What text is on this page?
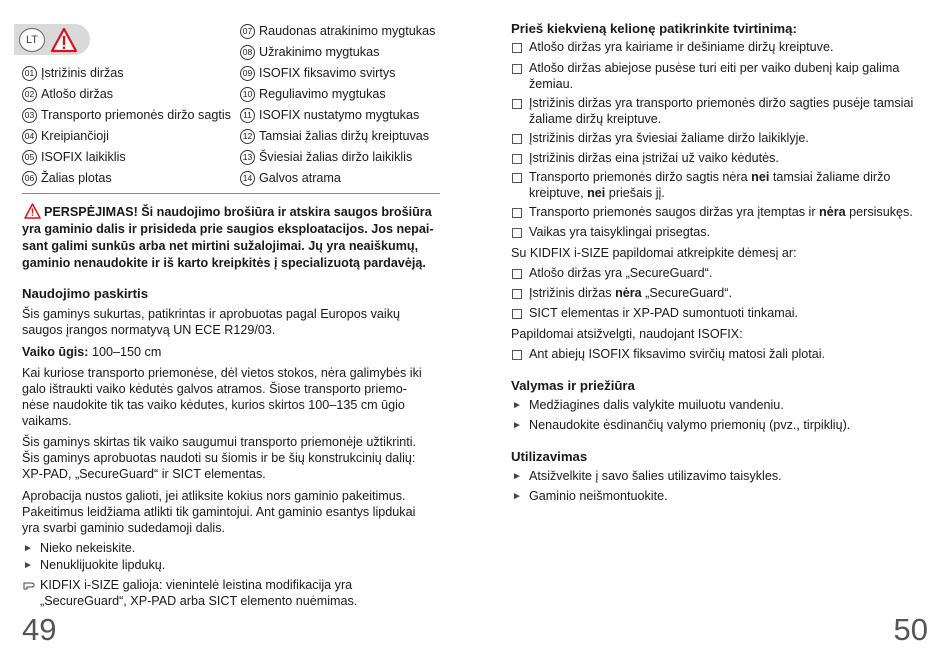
LT
01 Įstrižinis diržas
02 Atlošo diržas
03 Transporto priemonės diržo sagtis
04 Kreipiančioji
05 ISOFIX laikiklis
06 Žalias plotas
07 Raudonas atrakinimo mygtukas
08 Užrakinimo mygtukas
09 ISOFIX fiksavimo svirtys
10 Reguliavimo mygtukas
11 ISOFIX nustatymo mygtukas
12 Tamsiai žalias diržų kreiptuvas
13 Šviesiai žalias diržo laikiklis
14 Galvos atrama
PERSPĖJIMAS! Ši naudojimo brošiūra ir atskira saugos brošiūra
yra gaminio dalis ir prisideda prie saugios eksploatacijos. Jos nepai-
sant galimi sunkūs arba net mirtini sužalojimai. Jų yra neaiškumų,
gaminio nenaudokite ir iš karto kreipkitės į specializuotą pardavėją.
Naudojimo paskirtis
Šis gaminys sukurtas, patikrintas ir aprobuotas pagal Europos vaikų
saugos įrangos normatyvą UN ECE R129/03.
Vaiko ūgis: 100–150 cm
Kai kuriose transporto priemonėse, dėl vietos stokos, nėra galimybės iki
galo ištraukti vaiko kėdutės galvos atramos. Šiose transporto priemo-
nėse naudokite tik tas vaiko kėdutes, kurios skirtos 100–135 cm ūgio
vaikams.
Šis gaminys skirtas tik vaiko saugumui transporto priemonėje užtikrinti.
Šis gaminys aprobuotas naudoti su šiomis ir be šių konstrukcinių dalių:
XP-PAD, „SecureGuard“ ir SICT elementas.
Aprobacija nustos galioti, jei atliksite kokius nors gaminio pakeitimus.
Pakeitimus leidžiama atlikti tik gamintojui. Ant gaminio esantys lipdukai
yra svarbi gaminio sudedamoji dalis.
► Nieko nekeiskite.
► Nenuklijuokite lipdukų.
KIDFIX i-SIZE galioja: vienintelė leistina modifikacija yra
„SecureGuard“, XP-PAD arba SICT elemento nuėmimas.
49
Prieš kiekvieną kelionę patikrinkite tvirtinimą:
Atlošo diržas yra kairiame ir dešiniame diržų kreiptuve.
Atlošo diržas abiejose pusėse turi eiti per vaiko dubenį kaip galima
žemiau.
Įstrižinis diržas yra transporto priemonės diržo sagties pusėje tamsiai
žaliame diržų kreiptuve.
Įstrižinis diržas yra šviesiai žaliame diržo laikiklyje.
Įstrižinis diržas eina įstrižai už vaiko kėdutės.
Transporto priemonės diržo sagtis nėra nei tamsiai žaliame diržo
kreiptuve, nei priešais jį.
Transporto priemonės saugos diržas yra įtemptas ir nėra persisukęs.
Vaikas yra taisyklingai prisegtas.
Su KIDFIX i-SIZE papildomai atkreipkite dėmesį ar:
Atlošo diržas yra „SecureGuard“.
Įstrižinis diržas nėra „SecureGuard“.
SICT elementas ir XP-PAD sumontuoti tinkamai.
Papildomai atsižvelgti, naudojant ISOFIX:
Ant abiejų ISOFIX fiksavimo svirčių matosi žali plotai.
Valymas ir priežiūra
► Medžiagines dalis valykite muiluotu vandeniu.
► Nenaudokite ėsdinančių valymo priemonių (pvz., tirpiklių).
Utilizavimas
► Atsižvelkite į savo šalies utilizavimo taisykles.
► Gaminio neišmontuokite.
50
